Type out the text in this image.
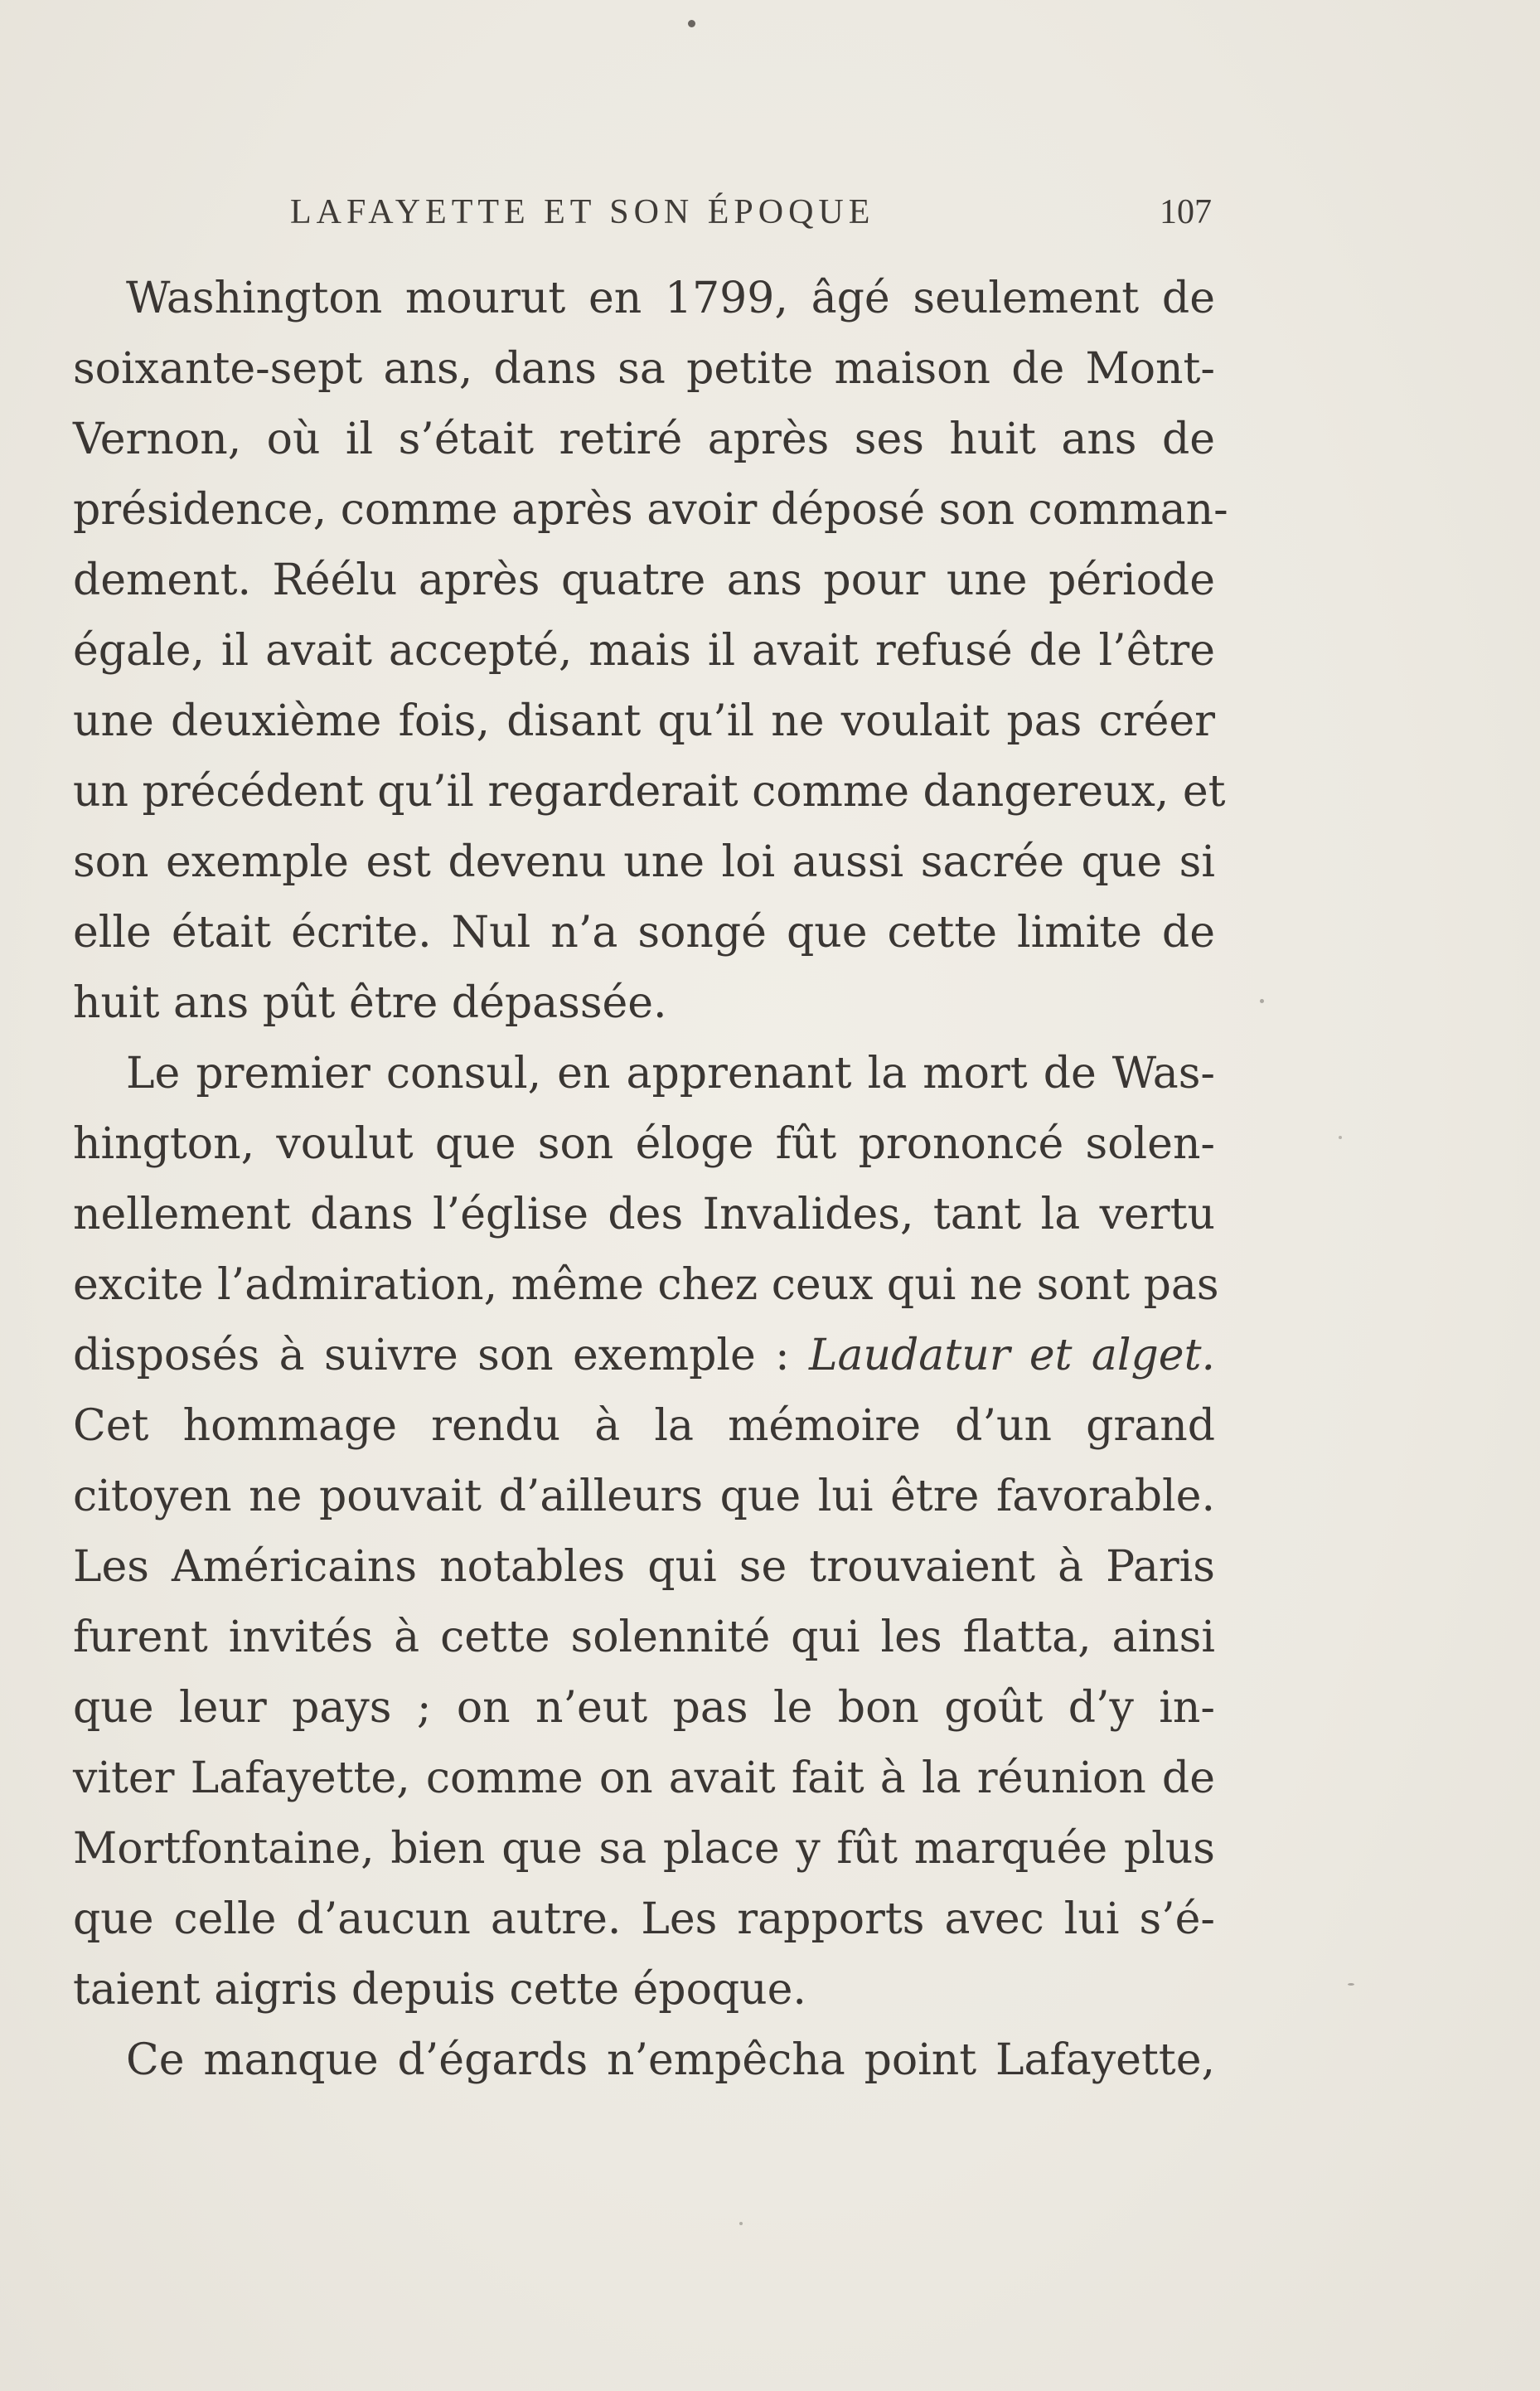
LAFAYETTE ET SON ÉPOQUE	107
Washington mourut en 1799, âgé seulement de
soixante-sept ans, dans sa petite maison de Mont-
Vernon, où il s’était retiré après ses huit ans de
présidence, comme après avoir déposé son comman-
dement. Réélu après quatre ans pour une période
égale, il avait accepté, mais il avait refusé de l’être
une deuxième fois, disant qu’il ne voulait pas créer
un précédent qu’il regarderait comme dangereux, et
son exemple est devenu une loi aussi sacrée que si
elle était écrite. Nul n’a songé que cette limite de
huit ans pût être dépassée.
Le premier consul, en apprenant la mort de Was-
hington, voulut que son éloge fût prononcé solen-
nellement dans l’église des Invalides, tant la vertu
excite l’admiration, même chez ceux qui ne sont pas
disposés à suivre son exemple : Laudatur et alget.
Cet hommage rendu à la mémoire d’un grand
citoyen ne pouvait d’ailleurs que lui être favorable.
Les Américains notables qui se trouvaient à Paris
furent invités à cette solennité qui les flatta, ainsi
que leur pays ; on n’eut pas le bon goût d’y in-
viter Lafayette, comme on avait fait à la réunion de
Mortfontaine, bien que sa place y fût marquée plus
que celle d’aucun autre. Les rapports avec lui s’é-
taient aigris depuis cette époque.
Ce manque d’égards n’empêcha point Lafayette,
